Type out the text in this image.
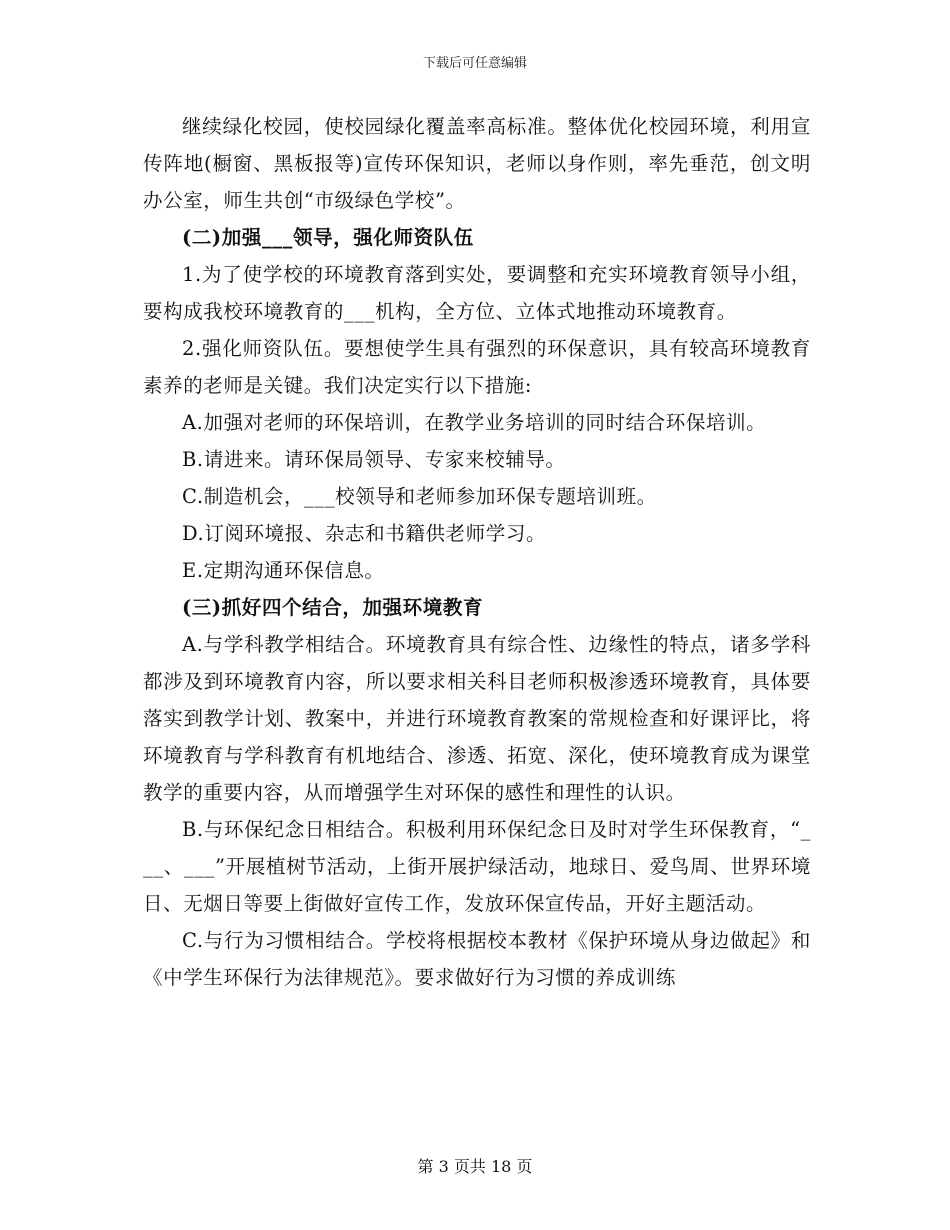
下载后可任意编辑

继续绿化校园，使校园绿化覆盖率高标准。整体优化校园环境，利用宣传阵地(橱窗、黑板报等)宣传环保知识，老师以身作则，率先垂范，创文明办公室，师生共创“市级绿色学校”。

(二)加强___领导，强化师资队伍

1.为了使学校的环境教育落到实处，要调整和充实环境教育领导小组，要构成我校环境教育的___机构，全方位、立体式地推动环境教育。

2.强化师资队伍。要想使学生具有强烈的环保意识，具有较高环境教育素养的老师是关键。我们决定实行以下措施:

A.加强对老师的环保培训，在教学业务培训的同时结合环保培训。

B.请进来。请环保局领导、专家来校辅导。

C.制造机会，___校领导和老师参加环保专题培训班。

D.订阅环境报、杂志和书籍供老师学习。

E.定期沟通环保信息。

(三)抓好四个结合，加强环境教育

A.与学科教学相结合。环境教育具有综合性、边缘性的特点，诸多学科都涉及到环境教育内容，所以要求相关科目老师积极渗透环境教育，具体要落实到教学计划、教案中，并进行环境教育教案的常规检查和好课评比，将环境教育与学科教育有机地结合、渗透、拓宽、深化，使环境教育成为课堂教学的重要内容，从而增强学生对环保的感性和理性的认识。

B.与环保纪念日相结合。积极利用环保纪念日及时对学生环保教育，“___、___”开展植树节活动，上街开展护绿活动，地球日、爱鸟周、世界环境日、无烟日等要上街做好宣传工作，发放环保宣传品，开好主题活动。

C.与行为习惯相结合。学校将根据校本教材《保护环境从身边做起》和《中学生环保行为法律规范》。要求做好行为习惯的养成训练

第 3 页共 18 页
